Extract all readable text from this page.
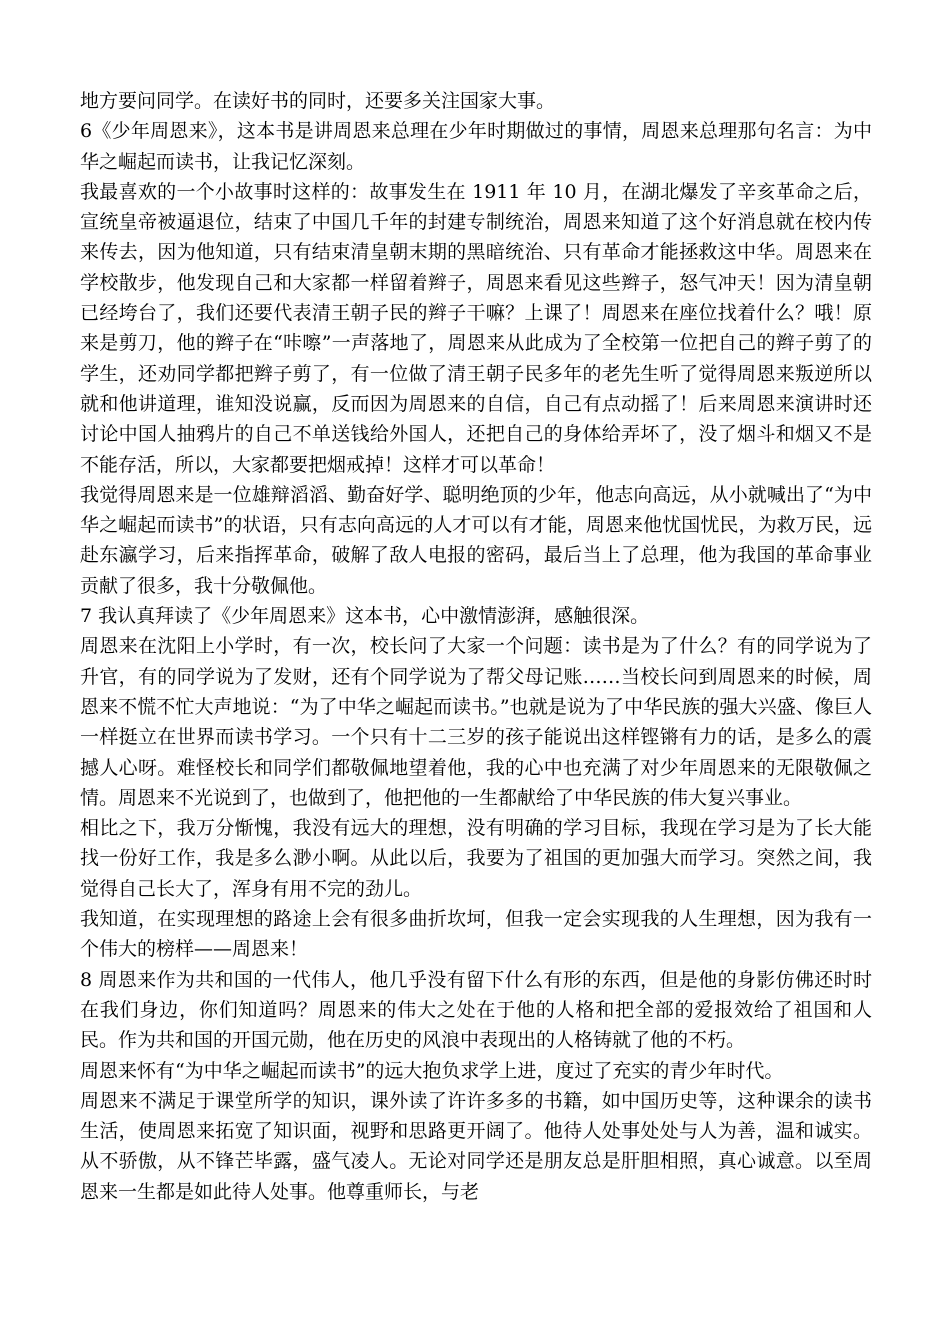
地方要问同学。在读好书的同时，还要多关注国家大事。

6《少年周恩来》，这本书是讲周恩来总理在少年时期做过的事情，周恩来总理那句名言：为中华之崛起而读书，让我记忆深刻。

我最喜欢的一个小故事时这样的：故事发生在 1911 年 10 月，在湖北爆发了辛亥革命之后，宣统皇帝被逼退位，结束了中国几千年的封建专制统治，周恩来知道了这个好消息就在校内传来传去，因为他知道，只有结束清皇朝末期的黑暗统治、只有革命才能拯救这中华。周恩来在学校散步，他发现自己和大家都一样留着辫子，周恩来看见这些辫子，怒气冲天！因为清皇朝已经垮台了，我们还要代表清王朝子民的辫子干嘛？上课了！周恩来在座位找着什么？哦！原来是剪刀，他的辫子在“咔嚓”一声落地了，周恩来从此成为了全校第一位把自己的辫子剪了的学生，还劝同学都把辫子剪了，有一位做了清王朝子民多年的老先生听了觉得周恩来叛逆所以就和他讲道理，谁知没说赢，反而因为周恩来的自信，自己有点动摇了！后来周恩来演讲时还讨论中国人抽鸦片的自己不单送钱给外国人，还把自己的身体给弄坏了，没了烟斗和烟又不是不能存活，所以，大家都要把烟戒掉！这样才可以革命！

我觉得周恩来是一位雄辩滔滔、勤奋好学、聪明绝顶的少年，他志向高远，从小就喊出了“为中华之崛起而读书”的状语，只有志向高远的人才可以有才能，周恩来他忧国忧民，为救万民，远赴东瀛学习，后来指挥革命，破解了敌人电报的密码，最后当上了总理，他为我国的革命事业贡献了很多，我十分敬佩他。

7 我认真拜读了《少年周恩来》这本书，心中激情澎湃，感触很深。

周恩来在沈阳上小学时，有一次，校长问了大家一个问题：读书是为了什么？有的同学说为了升官，有的同学说为了发财，还有个同学说为了帮父母记账……当校长问到周恩来的时候，周恩来不慌不忙大声地说：“为了中华之崛起而读书。”也就是说为了中华民族的强大兴盛、像巨人一样挺立在世界而读书学习。一个只有十二三岁的孩子能说出这样铿锵有力的话，是多么的震撼人心呀。难怪校长和同学们都敬佩地望着他，我的心中也充满了对少年周恩来的无限敬佩之情。周恩来不光说到了，也做到了，他把他的一生都献给了中华民族的伟大复兴事业。

相比之下，我万分惭愧，我没有远大的理想，没有明确的学习目标，我现在学习是为了长大能找一份好工作，我是多么渺小啊。从此以后，我要为了祖国的更加强大而学习。突然之间，我觉得自己长大了，浑身有用不完的劲儿。

我知道，在实现理想的路途上会有很多曲折坎坷，但我一定会实现我的人生理想，因为我有一个伟大的榜样——周恩来！

8 周恩来作为共和国的一代伟人，他几乎没有留下什么有形的东西，但是他的身影仿佛还时时在我们身边，你们知道吗？周恩来的伟大之处在于他的人格和把全部的爱报效给了祖国和人民。作为共和国的开国元勋，他在历史的风浪中表现出的人格铸就了他的不朽。

周恩来怀有“为中华之崛起而读书”的远大抱负求学上进，度过了充实的青少年时代。

周恩来不满足于课堂所学的知识，课外读了许许多多的书籍，如中国历史等，这种课余的读书生活，使周恩来拓宽了知识面，视野和思路更开阔了。他待人处事处处与人为善，温和诚实。从不骄傲，从不锋芒毕露，盛气凌人。无论对同学还是朋友总是肝胆相照，真心诚意。以至周恩来一生都是如此待人处事。他尊重师长，与老
